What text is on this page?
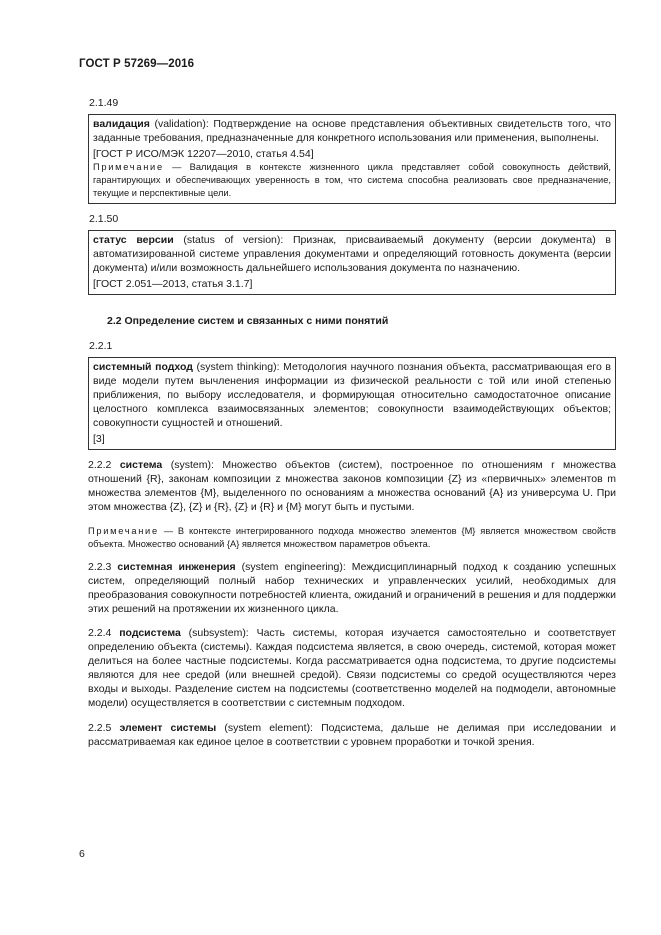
ГОСТ Р 57269—2016
2.1.49

валидация (validation): Подтверждение на основе представления объективных свидетельств того, что заданные требования, предназначенные для конкретного использования или применения, выполнены.

[ГОСТ Р ИСО/МЭК 12207—2010, статья 4.54]

Примечание — Валидация в контексте жизненного цикла представляет собой совокупность действий, гарантирующих и обеспечивающих уверенность в том, что система способна реализовать свое предназначение, текущие и перспективные цели.

2.1.50

статус версии (status of version): Признак, присваиваемый документу (версии документа) в автоматизированной системе управления документами и определяющий готовность документа (версии документа) и/или возможность дальнейшего использования документа по назначению.

[ГОСТ 2.051—2013, статья 3.1.7]

2.2 Определение систем и связанных с ними понятий
2.2.1

системный подход (system thinking): Методология научного познания объекта, рассматривающая его в виде модели путем вычленения информации из физической реальности с той или иной степенью приближения, по выбору исследователя, и формирующая относительно самодостаточное описание целостного комплекса взаимосвязанных элементов; совокупности взаимодействующих объектов; совокупности сущностей и отношений.

[3]

2.2.2 система (system): Множество объектов (систем), построенное по отношениям r множества отношений {R}, законам композиции z множества законов композиции {Z} из «первичных» элементов m множества элементов {M}, выделенного по основаниям a множества оснований {A} из универсума U. При этом множества {Z}, {Z} и {R}, {Z} и {R} и {M} могут быть и пустыми.

Примечание — В контексте интегрированного подхода множество элементов {M} является множеством свойств объекта. Множество оснований {A} является множеством параметров объекта.

2.2.3 системная инженерия (system engineering): Междисциплинарный подход к созданию успешных систем, определяющий полный набор технических и управленческих усилий, необходимых для преобразования совокупности потребностей клиента, ожиданий и ограничений в решения и для поддержки этих решений на протяжении их жизненного цикла.

2.2.4 подсистема (subsystem): Часть системы, которая изучается самостоятельно и соответствует определению объекта (системы). Каждая подсистема является, в свою очередь, системой, которая может делиться на более частные подсистемы. Когда рассматривается одна подсистема, то другие подсистемы являются для нее средой (или внешней средой). Связи подсистемы со средой осуществляются через входы и выходы. Разделение систем на подсистемы (соответственно моделей на подмодели, автономные модели) осуществляется в соответствии с системным подходом.

2.2.5 элемент системы (system element): Подсистема, дальше не делимая при исследовании и рассматриваемая как единое целое в соответствии с уровнем проработки и точкой зрения.

6
